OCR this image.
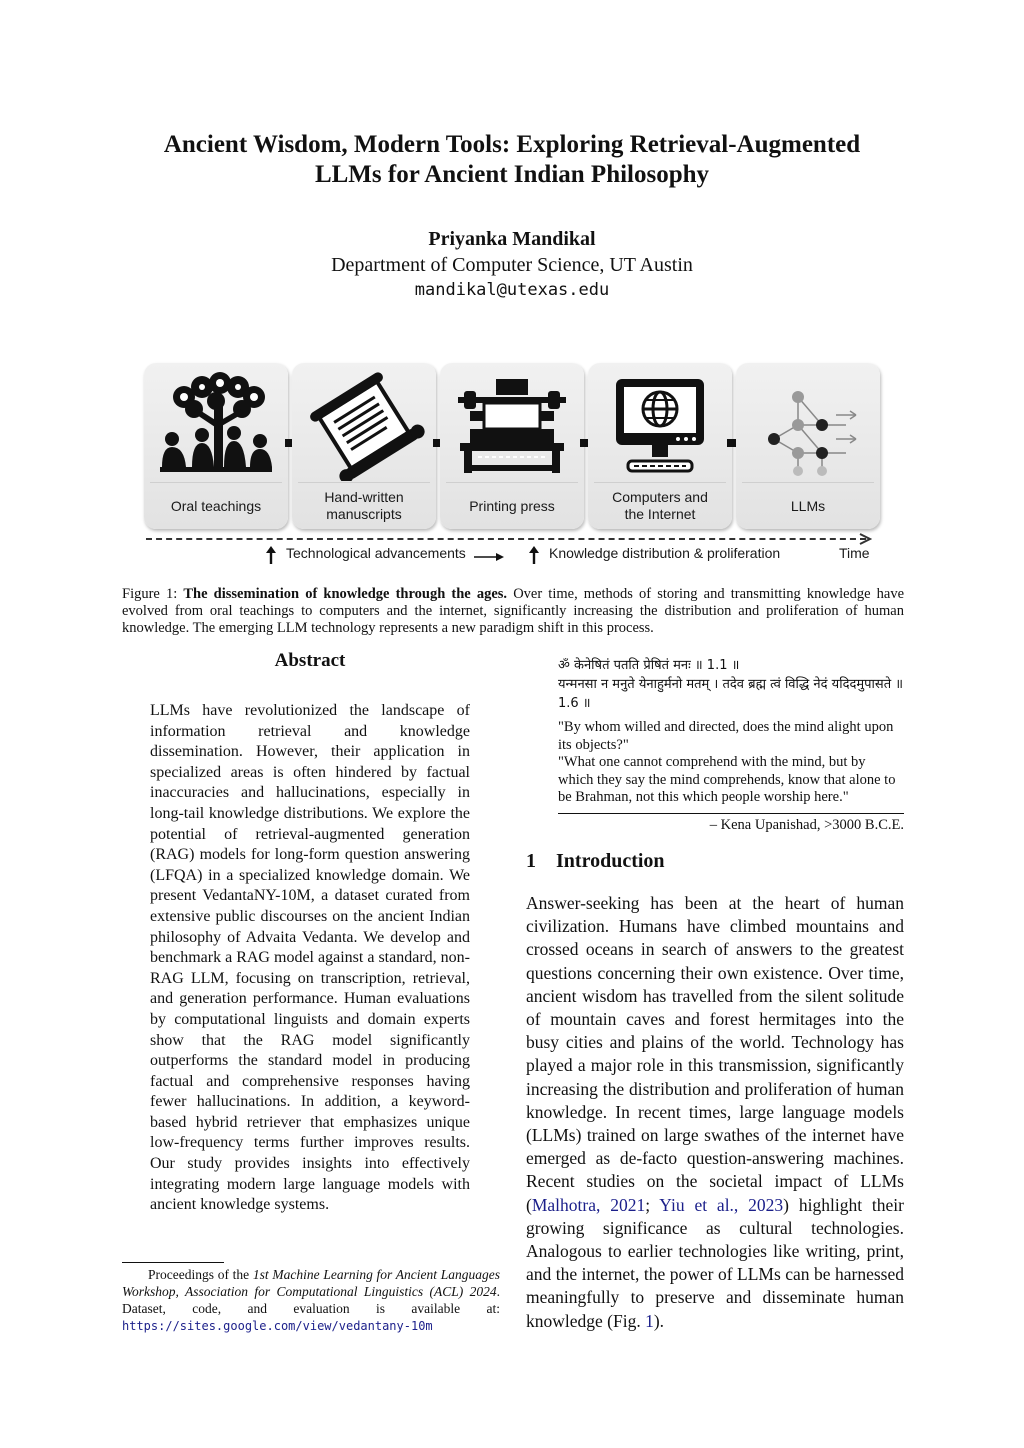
Ancient Wisdom, Modern Tools: Exploring Retrieval-Augmented
LLMs for Ancient Indian Philosophy
Priyanka Mandikal
Department of Computer Science, UT Austin
mandikal@utexas.edu
Oral teachings
Hand-written
manuscripts
Printing press
Computers and
the Internet
LLMs
Technological advancements	Knowledge distribution & proliferation	Time
Figure 1: The dissemination of knowledge through the ages. Over time, methods of storing and transmitting knowledge have evolved from oral teachings to computers and the internet, significantly increasing the distribution and proliferation of human knowledge. The emerging LLM technology represents a new paradigm shift in this process.
Abstract
LLMs have revolutionized the landscape of information retrieval and knowledge dissemination. However, their application in specialized areas is often hindered by factual inaccuracies and hallucinations, especially in long-tail knowledge distributions. We explore the potential of retrieval-augmented generation (RAG) models for long-form question answering (LFQA) in a specialized knowledge domain. We present VedantaNY-10M, a dataset curated from extensive public discourses on the ancient Indian philosophy of Advaita Vedanta. We develop and benchmark a RAG model against a standard, non-RAG LLM, focusing on transcription, retrieval, and generation performance. Human evaluations by computational linguists and domain experts show that the RAG model significantly outperforms the standard model in producing factual and comprehensive responses having fewer hallucinations. In addition, a keyword-based hybrid retriever that emphasizes unique low-frequency terms further improves results. Our study provides insights into effectively integrating modern large language models with ancient knowledge systems.
Proceedings of the 1st Machine Learning for Ancient Languages Workshop, Association for Computational Linguistics (ACL) 2024. Dataset, code, and evaluation is available at: https://sites.google.com/view/vedantany-10m
ॐ केनेषितं पतति प्रेषितं मनः ॥ 1.1 ॥
यन्मनसा न मनुते येनाहुर्मनो मतम् । तदेव ब्रह्म त्वं विद्धि नेदं यदिदमुपासते ॥ 1.6 ॥
"By whom willed and directed, does the mind alight upon its objects?"
"What one cannot comprehend with the mind, but by which they say the mind comprehends, know that alone to be Brahman, not this which people worship here."
– Kena Upanishad, >3000 B.C.E.
1 Introduction
Answer-seeking has been at the heart of human civilization. Humans have climbed mountains and crossed oceans in search of answers to the greatest questions concerning their own existence. Over time, ancient wisdom has travelled from the silent solitude of mountain caves and forest hermitages into the busy cities and plains of the world. Technology has played a major role in this transmission, significantly increasing the distribution and proliferation of human knowledge. In recent times, large language models (LLMs) trained on large swathes of the internet have emerged as de-facto question-answering machines. Recent studies on the societal impact of LLMs (Malhotra, 2021; Yiu et al., 2023) highlight their growing significance as cultural technologies. Analogous to earlier technologies like writing, print, and the internet, the power of LLMs can be harnessed meaningfully to preserve and disseminate human knowledge (Fig. 1).
